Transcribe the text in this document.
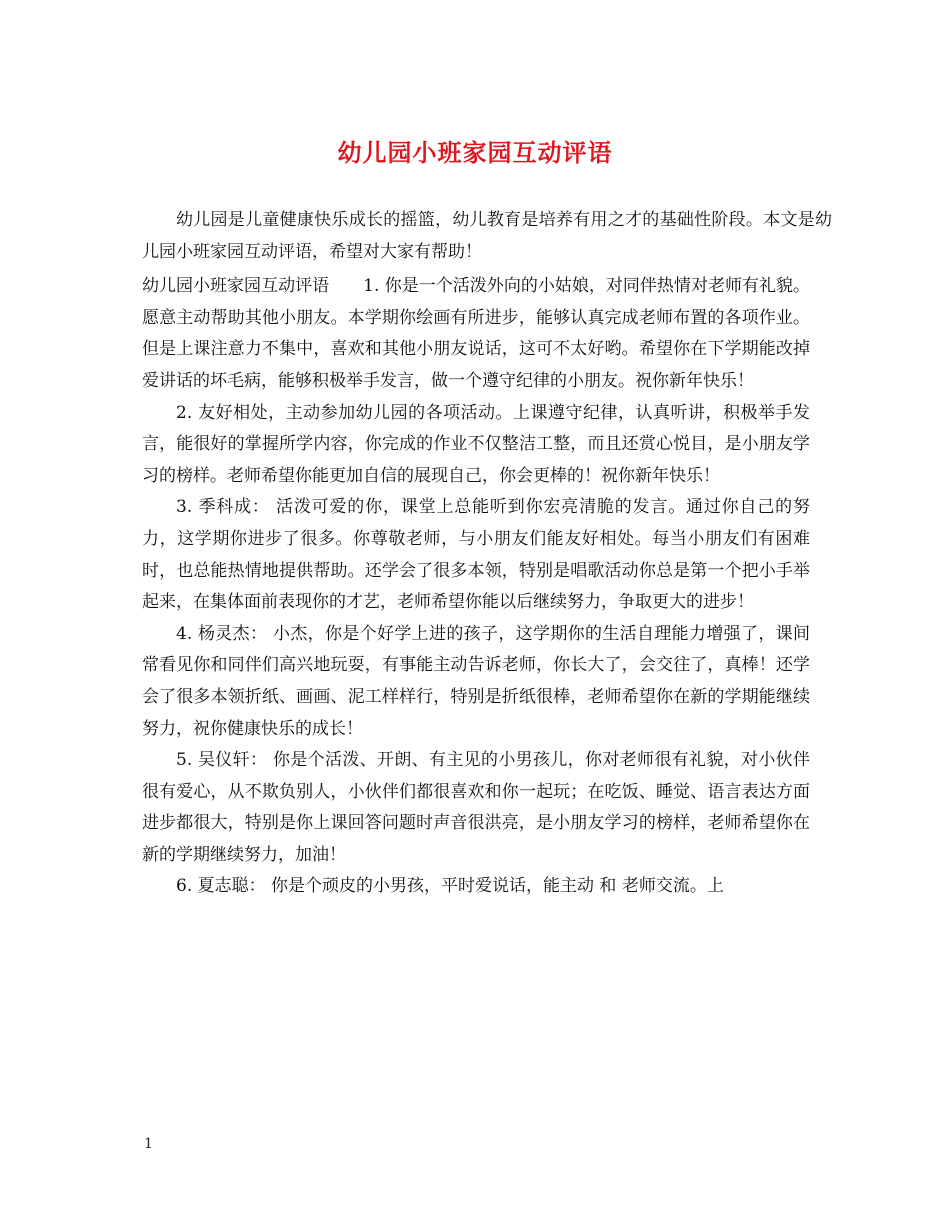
幼儿园小班家园互动评语

幼儿园是儿童健康快乐成长的摇篮，幼儿教育是培养有用之才的基础性阶段。本文是幼儿园小班家园互动评语，希望对大家有帮助！

幼儿园小班家园互动评语 1. 你是一个活泼外向的小姑娘，对同伴热情对老师有礼貌。愿意主动帮助其他小朋友。本学期你绘画有所进步，能够认真完成老师布置的各项作业。但是上课注意力不集中，喜欢和其他小朋友说话，这可不太好哟。希望你在下学期能改掉爱讲话的坏毛病，能够积极举手发言，做一个遵守纪律的小朋友。祝你新年快乐！

2. 友好相处，主动参加幼儿园的各项活动。上课遵守纪律，认真听讲，积极举手发言，能很好的掌握所学内容，你完成的作业不仅整洁工整，而且还赏心悦目，是小朋友学习的榜样。老师希望你能更加自信的展现自己，你会更棒的！祝你新年快乐！

3. 季科成： 活泼可爱的你，课堂上总能听到你宏亮清脆的发言。通过你自己的努力，这学期你进步了很多。你尊敬老师，与小朋友们能友好相处。每当小朋友们有困难时，也总能热情地提供帮助。还学会了很多本领，特别是唱歌活动你总是第一个把小手举起来，在集体面前表现你的才艺，老师希望你能以后继续努力，争取更大的进步！

4. 杨灵杰： 小杰，你是个好学上进的孩子，这学期你的生活自理能力增强了，课间常看见你和同伴们高兴地玩耍，有事能主动告诉老师，你长大了，会交往了，真棒！还学会了很多本领折纸、画画、泥工样样行，特别是折纸很棒，老师希望你在新的学期能继续努力，祝你健康快乐的成长！

5. 吴仪轩： 你是个活泼、开朗、有主见的小男孩儿，你对老师很有礼貌，对小伙伴很有爱心，从不欺负别人，小伙伴们都很喜欢和你一起玩；在吃饭、睡觉、语言表达方面进步都很大，特别是你上课回答问题时声音很洪亮，是小朋友学习的榜样，老师希望你在新的学期继续努力，加油！

6. 夏志聪： 你是个顽皮的小男孩，平时爱说话，能主动 和 老师交流。上

1
